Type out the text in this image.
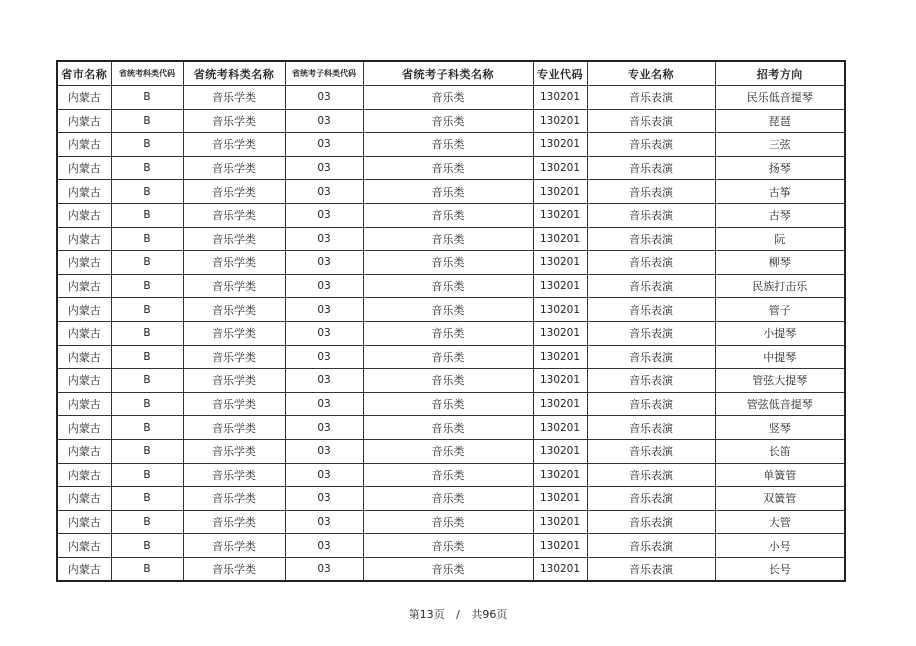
省市名称	省统考科类代码	省统考科类名称	省统考子科类代码	省统考子科类名称	专业代码	专业名称	招考方向
内蒙古	B	音乐学类	03	音乐类	130201	音乐表演	民乐低音提琴
内蒙古	B	音乐学类	03	音乐类	130201	音乐表演	琵琶
内蒙古	B	音乐学类	03	音乐类	130201	音乐表演	三弦
内蒙古	B	音乐学类	03	音乐类	130201	音乐表演	扬琴
内蒙古	B	音乐学类	03	音乐类	130201	音乐表演	古筝
内蒙古	B	音乐学类	03	音乐类	130201	音乐表演	古琴
内蒙古	B	音乐学类	03	音乐类	130201	音乐表演	阮
内蒙古	B	音乐学类	03	音乐类	130201	音乐表演	柳琴
内蒙古	B	音乐学类	03	音乐类	130201	音乐表演	民族打击乐
内蒙古	B	音乐学类	03	音乐类	130201	音乐表演	管子
内蒙古	B	音乐学类	03	音乐类	130201	音乐表演	小提琴
内蒙古	B	音乐学类	03	音乐类	130201	音乐表演	中提琴
内蒙古	B	音乐学类	03	音乐类	130201	音乐表演	管弦大提琴
内蒙古	B	音乐学类	03	音乐类	130201	音乐表演	管弦低音提琴
内蒙古	B	音乐学类	03	音乐类	130201	音乐表演	竖琴
内蒙古	B	音乐学类	03	音乐类	130201	音乐表演	长笛
内蒙古	B	音乐学类	03	音乐类	130201	音乐表演	单簧管
内蒙古	B	音乐学类	03	音乐类	130201	音乐表演	双簧管
内蒙古	B	音乐学类	03	音乐类	130201	音乐表演	大管
内蒙古	B	音乐学类	03	音乐类	130201	音乐表演	小号
内蒙古	B	音乐学类	03	音乐类	130201	音乐表演	长号
第13页 / 共96页
